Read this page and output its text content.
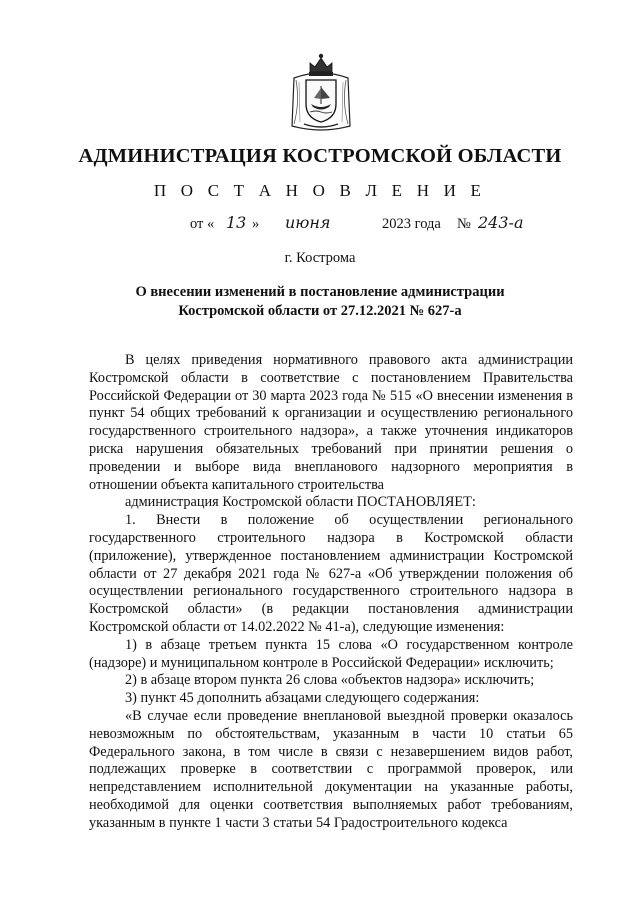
АДМИНИСТРАЦИЯ КОСТРОМСКОЙ ОБЛАСТИ
П О С Т А Н О В Л Е Н И Е
от « 13 » июня	2023 года № 243-а
г. Кострома
О внесении изменений в постановление администрации
Костромской области от 27.12.2021 № 627-а

В целях приведения нормативного правового акта администрации Костромской области в соответствие с постановлением Правительства Российской Федерации от 30 марта 2023 года № 515 «О внесении изменения в пункт 54 общих требований к организации и осуществлению регионального государственного строительного надзора», а также уточнения индикаторов риска нарушения обязательных требований при принятии решения о проведении и выборе вида внепланового надзорного мероприятия в отношении объекта капитального строительства

администрация Костромской области ПОСТАНОВЛЯЕТ:

1. Внести в положение об осуществлении регионального государственного строительного надзора в Костромской области (приложение), утвержденное постановлением администрации Костромской области от 27 декабря 2021 года № 627-а «Об утверждении положения об осуществлении регионального государственного строительного надзора в Костромской области» (в редакции постановления администрации Костромской области от 14.02.2022 № 41-а), следующие изменения:

1) в абзаце третьем пункта 15 слова «О государственном контроле (надзоре) и муниципальном контроле в Российской Федерации» исключить;

2) в абзаце втором пункта 26 слова «объектов надзора» исключить;

3) пункт 45 дополнить абзацами следующего содержания:

«В случае если проведение внеплановой выездной проверки оказалось невозможным по обстоятельствам, указанным в части 10 статьи 65 Федерального закона, в том числе в связи с незавершением видов работ, подлежащих проверке в соответствии с программой проверок, или непредставлением исполнительной документации на указанные работы, необходимой для оценки соответствия выполняемых работ требованиям, указанным в пункте 1 части 3 статьи 54 Градостроительного кодекса
